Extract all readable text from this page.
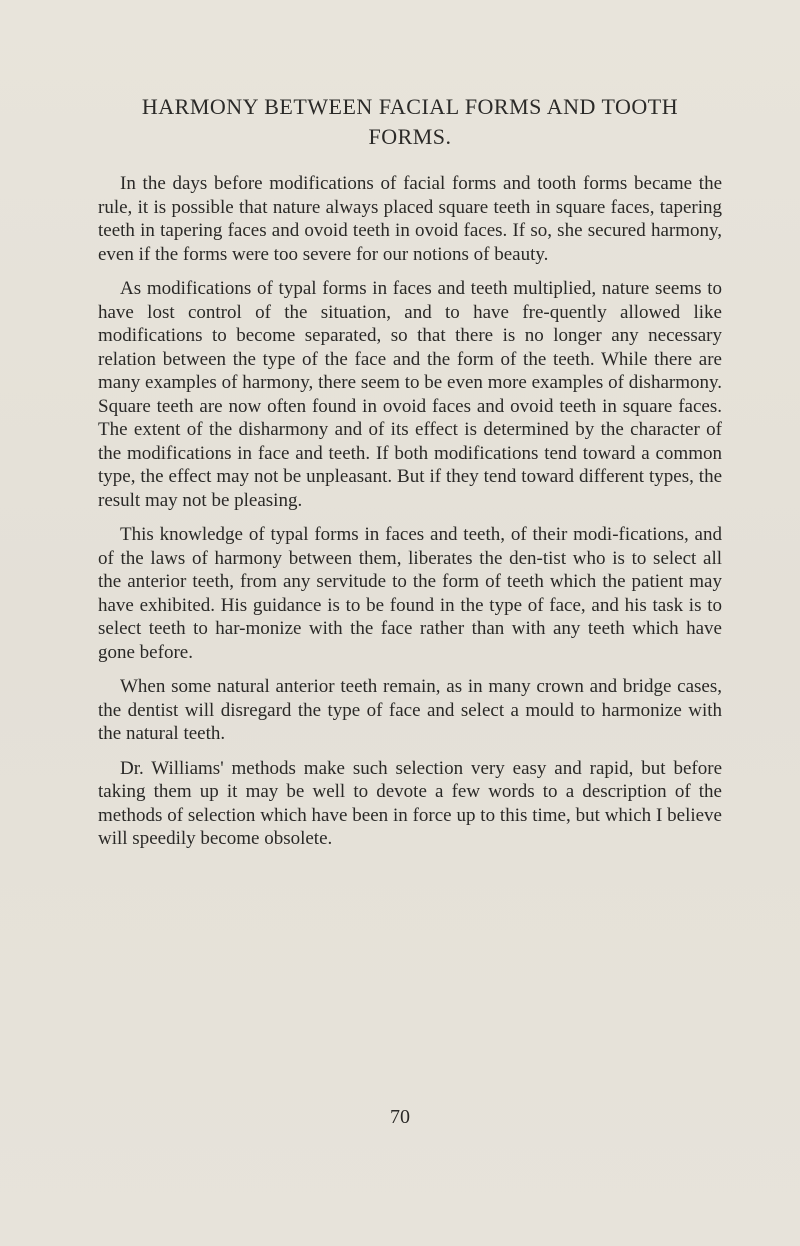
HARMONY BETWEEN FACIAL FORMS AND TOOTH FORMS.

In the days before modifications of facial forms and tooth forms became the rule, it is possible that nature always placed square teeth in square faces, tapering teeth in tapering faces and ovoid teeth in ovoid faces. If so, she secured harmony, even if the forms were too severe for our notions of beauty.

As modifications of typal forms in faces and teeth multiplied, nature seems to have lost control of the situation, and to have fre-quently allowed like modifications to become separated, so that there is no longer any necessary relation between the type of the face and the form of the teeth. While there are many examples of harmony, there seem to be even more examples of disharmony. Square teeth are now often found in ovoid faces and ovoid teeth in square faces. The extent of the disharmony and of its effect is determined by the character of the modifications in face and teeth. If both modifications tend toward a common type, the effect may not be unpleasant. But if they tend toward different types, the result may not be pleasing.

This knowledge of typal forms in faces and teeth, of their modi-fications, and of the laws of harmony between them, liberates the den-tist who is to select all the anterior teeth, from any servitude to the form of teeth which the patient may have exhibited. His guidance is to be found in the type of face, and his task is to select teeth to har-monize with the face rather than with any teeth which have gone before.

When some natural anterior teeth remain, as in many crown and bridge cases, the dentist will disregard the type of face and select a mould to harmonize with the natural teeth.

Dr. Williams' methods make such selection very easy and rapid, but before taking them up it may be well to devote a few words to a description of the methods of selection which have been in force up to this time, but which I believe will speedily become obsolete.

70
